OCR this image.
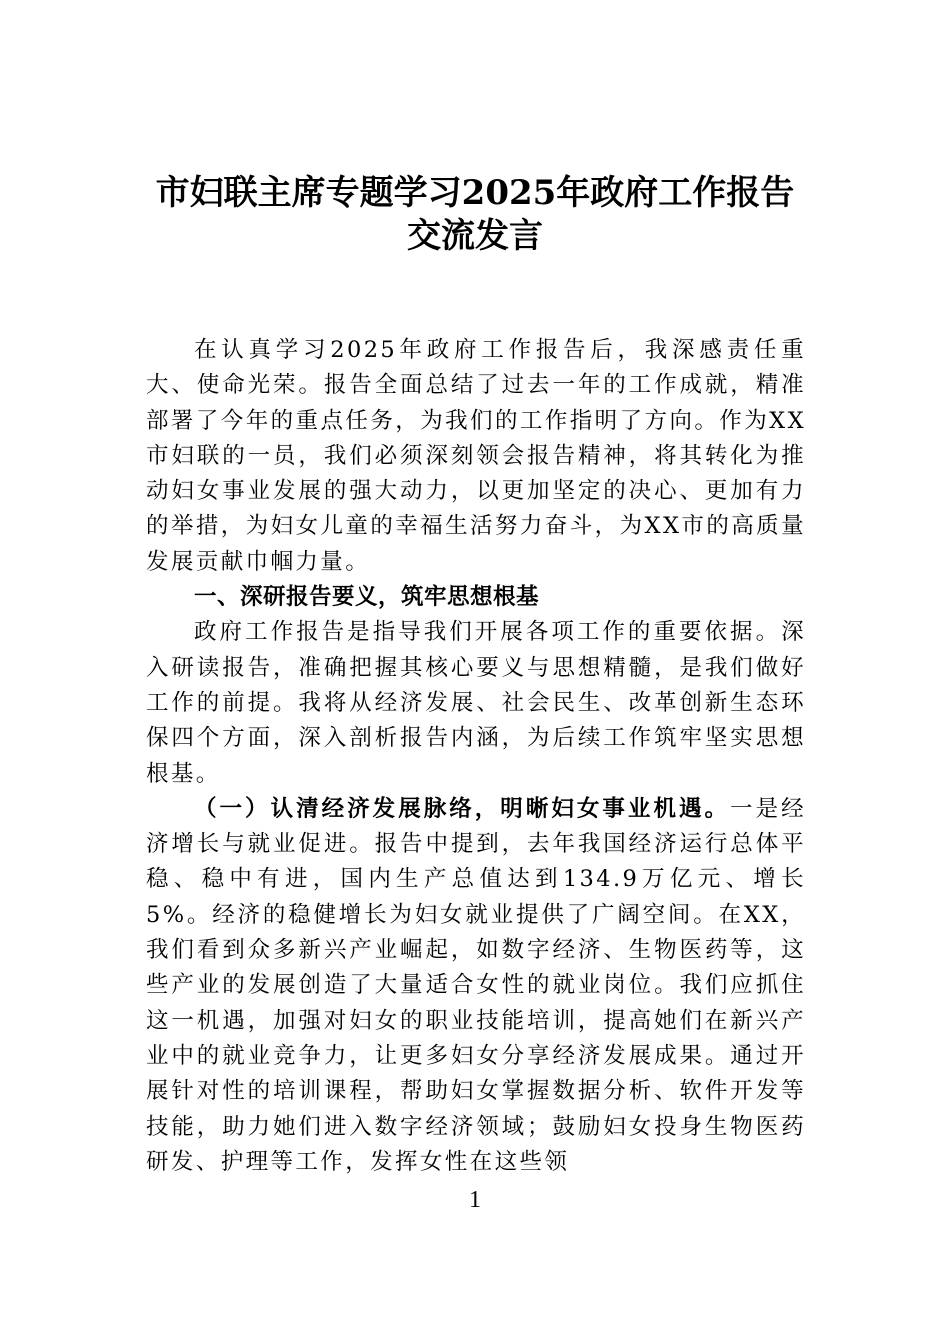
市妇联主席专题学习2025年政府工作报告
交流发言

在认真学习2025年政府工作报告后，我深感责任重大、使命光荣。报告全面总结了过去一年的工作成就，精准部署了今年的重点任务，为我们的工作指明了方向。作为XX市妇联的一员，我们必须深刻领会报告精神，将其转化为推动妇女事业发展的强大动力，以更加坚定的决心、更加有力的举措，为妇女儿童的幸福生活努力奋斗，为XX市的高质量发展贡献巾帼力量。

一、深研报告要义，筑牢思想根基

政府工作报告是指导我们开展各项工作的重要依据。深入研读报告，准确把握其核心要义与思想精髓，是我们做好工作的前提。我将从经济发展、社会民生、改革创新生态环保四个方面，深入剖析报告内涵，为后续工作筑牢坚实思想根基。

（一）认清经济发展脉络，明晰妇女事业机遇。一是经济增长与就业促进。报告中提到，去年我国经济运行总体平稳、稳中有进，国内生产总值达到134.9万亿元、增长5%。经济的稳健增长为妇女就业提供了广阔空间。在XX，我们看到众多新兴产业崛起，如数字经济、生物医药等，这些产业的发展创造了大量适合女性的就业岗位。我们应抓住这一机遇，加强对妇女的职业技能培训，提高她们在新兴产业中的就业竞争力，让更多妇女分享经济发展成果。通过开展针对性的培训课程，帮助妇女掌握数据分析、软件开发等技能，助力她们进入数字经济领域；鼓励妇女投身生物医药研发、护理等工作，发挥女性在这些领

1
